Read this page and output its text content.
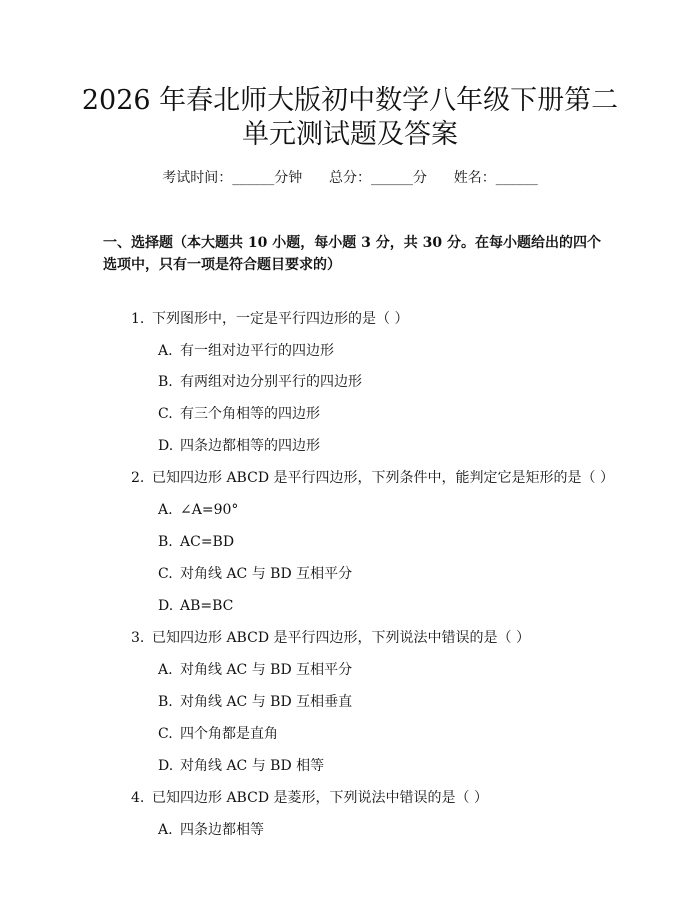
2026 年春北师大版初中数学八年级下册第二
单元测试题及答案
考试时间：______分钟      总分：______分      姓名：______

一、选择题（本大题共 10 小题，每小题 3 分，共 30 分。在每小题给出的四个选项中，只有一项是符合题目要求的）

1. 下列图形中，一定是平行四边形的是（ ）
A. 有一组对边平行的四边形
B. 有两组对边分别平行的四边形
C. 有三个角相等的四边形
D. 四条边都相等的四边形
2. 已知四边形 ABCD 是平行四边形，下列条件中，能判定它是矩形的是（ ）
A. ∠A=90°
B. AC=BD
C. 对角线 AC 与 BD 互相平分
D. AB=BC
3. 已知四边形 ABCD 是平行四边形，下列说法中错误的是（ ）
A. 对角线 AC 与 BD 互相平分
B. 对角线 AC 与 BD 互相垂直
C. 四个角都是直角
D. 对角线 AC 与 BD 相等
4. 已知四边形 ABCD 是菱形，下列说法中错误的是（ ）
A. 四条边都相等
